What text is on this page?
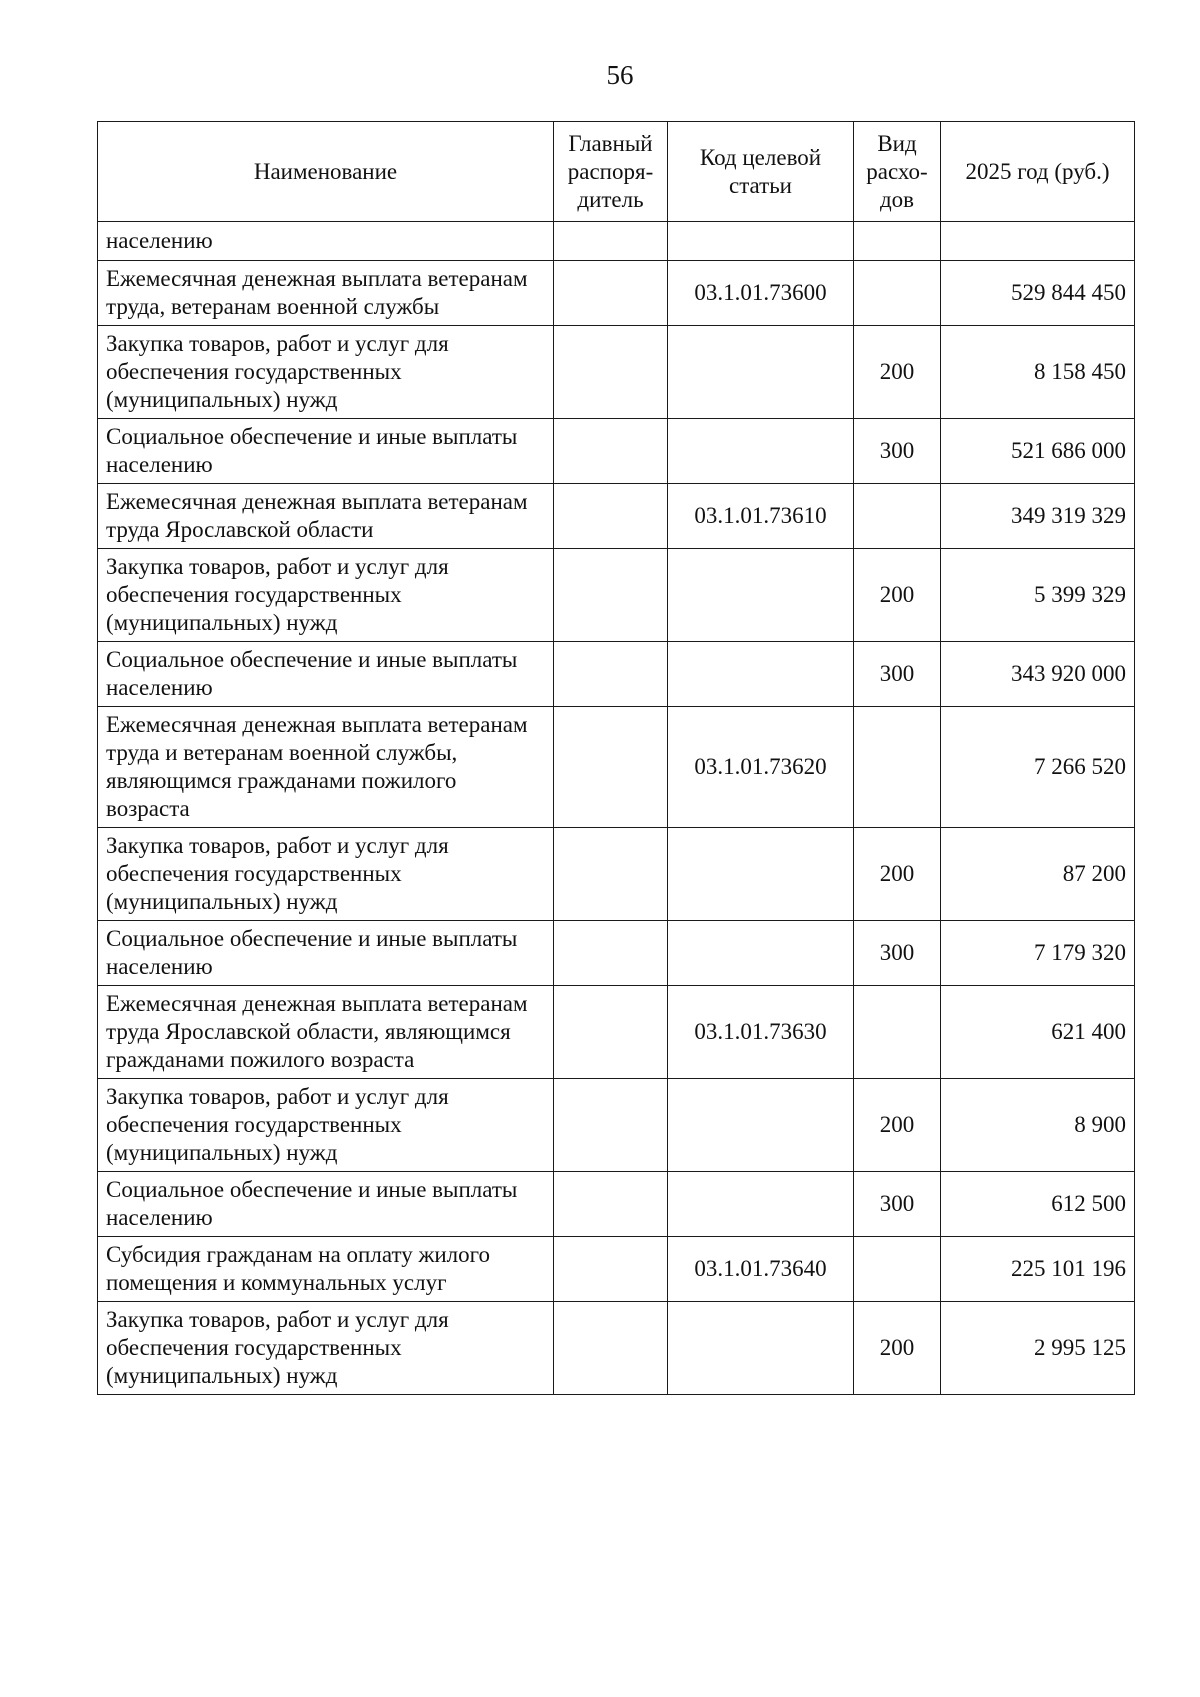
56
Наименование	Главный распоря-дитель	Код целевой статьи	Вид расхо-дов	2025 год (руб.)
населению				
Ежемесячная денежная выплата ветеранам труда, ветеранам военной службы		03.1.01.73600		529 844 450
Закупка товаров, работ и услуг для обеспечения государственных (муниципальных) нужд			200	8 158 450
Социальное обеспечение и иные выплаты населению			300	521 686 000
Ежемесячная денежная выплата ветеранам труда Ярославской области		03.1.01.73610		349 319 329
Закупка товаров, работ и услуг для обеспечения государственных (муниципальных) нужд			200	5 399 329
Социальное обеспечение и иные выплаты населению			300	343 920 000
Ежемесячная денежная выплата ветеранам труда и ветеранам военной службы, являющимся гражданами пожилого возраста		03.1.01.73620		7 266 520
Закупка товаров, работ и услуг для обеспечения государственных (муниципальных) нужд			200	87 200
Социальное обеспечение и иные выплаты населению			300	7 179 320
Ежемесячная денежная выплата ветеранам труда Ярославской области, являющимся гражданами пожилого возраста		03.1.01.73630		621 400
Закупка товаров, работ и услуг для обеспечения государственных (муниципальных) нужд			200	8 900
Социальное обеспечение и иные выплаты населению			300	612 500
Субсидия гражданам на оплату жилого помещения и коммунальных услуг		03.1.01.73640		225 101 196
Закупка товаров, работ и услуг для обеспечения государственных (муниципальных) нужд			200	2 995 125
